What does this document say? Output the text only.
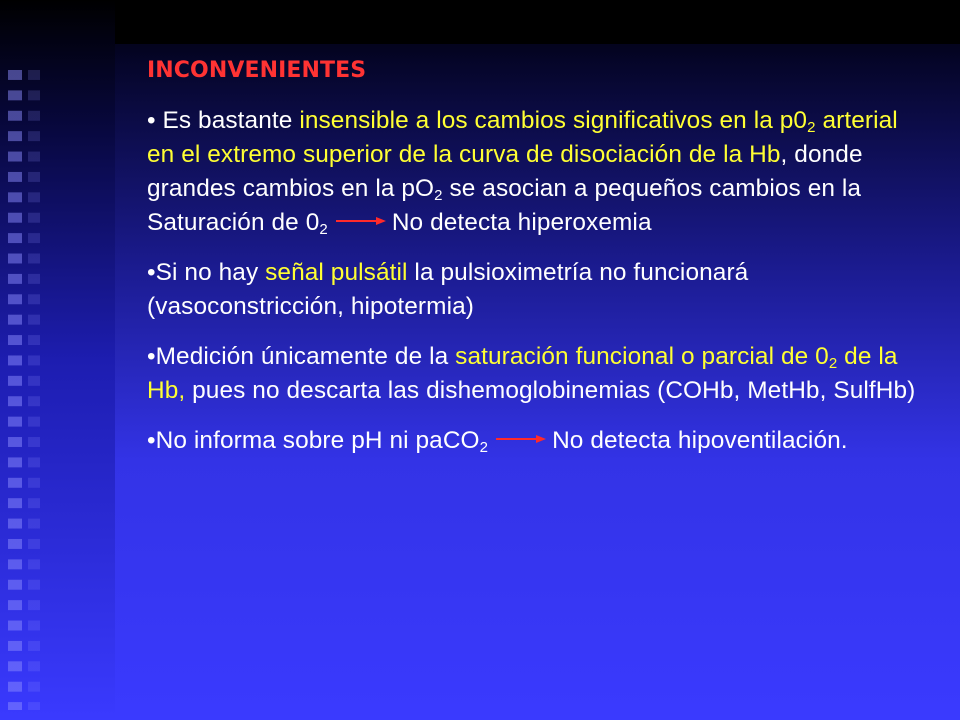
INCONVENIENTES
• Es bastante insensible a los cambios significativos en la $p0_2$ arterial en el extremo superior de la curva de disociación de la Hb, donde grandes cambios en la $pO_2$ se asocian a pequeños cambios en la Saturación de $0_2$	No detecta hiperoxemia
•Si no hay señal pulsátil la pulsioximetría no funcionará (vasoconstricción, hipotermia)
•Medición únicamente de la saturación funcional o parcial de $0_2$ de la Hb, pues no descarta las dishemoglobinemias (COHb, MetHb, SulfHb)
•No informa sobre pH ni paCO$_2$	No detecta hipoventilación.
